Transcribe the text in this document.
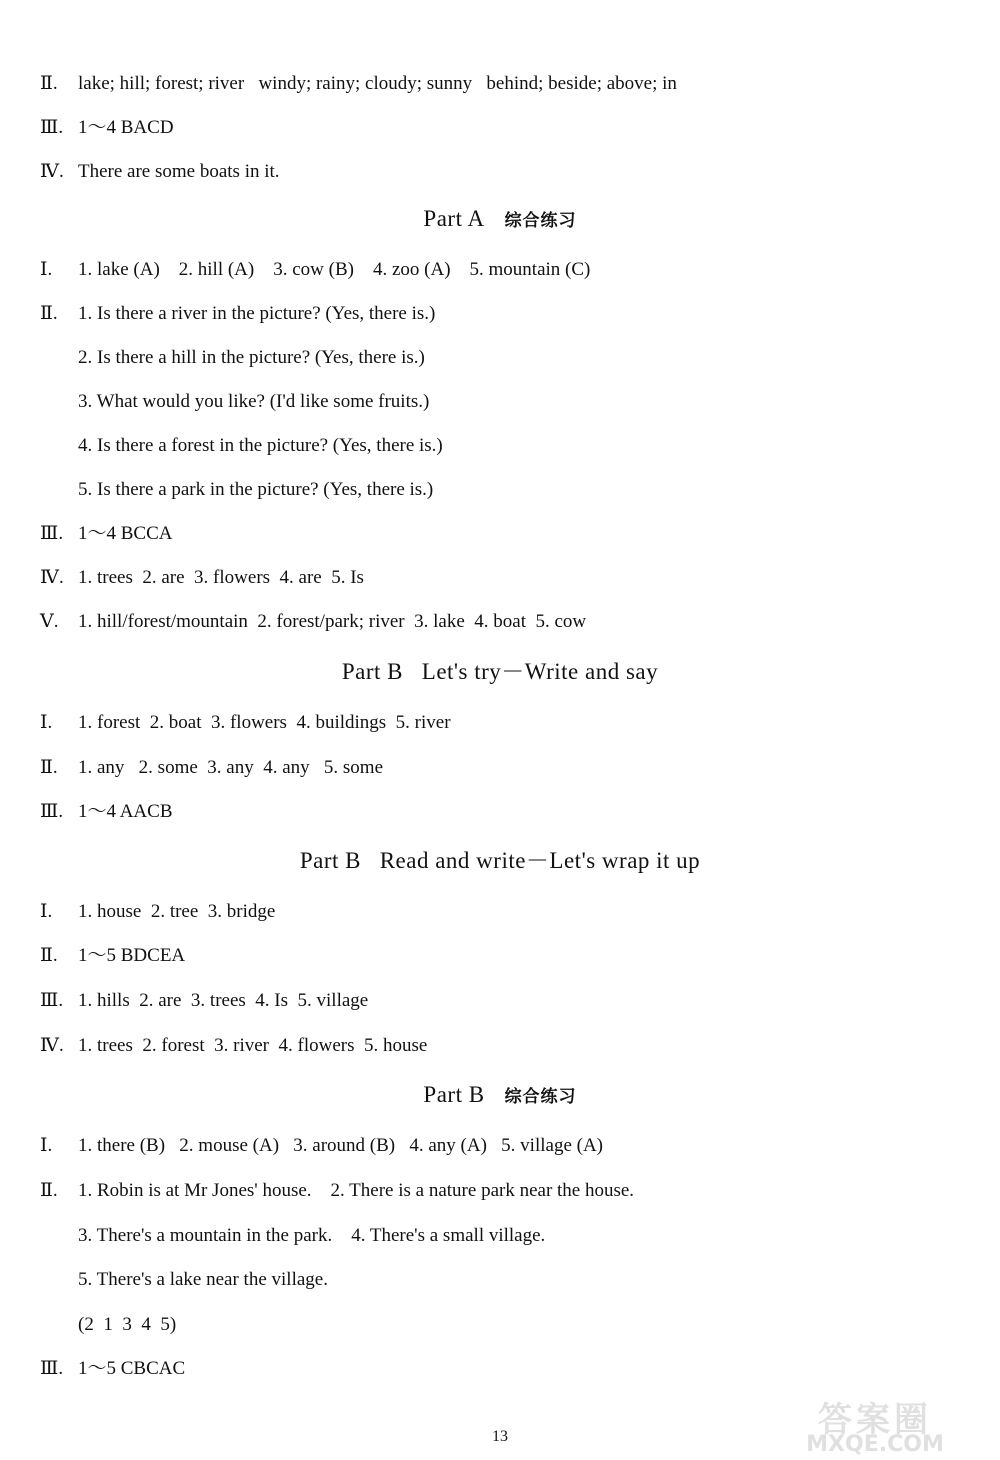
Ⅱ. lake; hill; forest; river   windy; rainy; cloudy; sunny   behind; beside; above; in
Ⅲ. 1～4 BACD
Ⅳ. There are some boats in it.
Part A 综合练习
Ⅰ. 1. lake (A)    2. hill (A)    3. cow (B)    4. zoo (A)    5. mountain (C)
Ⅱ. 1. Is there a river in the picture? (Yes, there is.)
2. Is there a hill in the picture? (Yes, there is.)
3. What would you like? (I'd like some fruits.)
4. Is there a forest in the picture? (Yes, there is.)
5. Is there a park in the picture? (Yes, there is.)
Ⅲ. 1～4 BCCA
Ⅳ. 1. trees  2. are  3. flowers  4. are  5. Is
Ⅴ. 1. hill/forest/mountain  2. forest/park; river  3. lake  4. boat  5. cow
Part B   Let's try－Write and say
Ⅰ. 1. forest  2. boat  3. flowers  4. buildings  5. river
Ⅱ. 1. any   2. some  3. any  4. any   5. some
Ⅲ. 1～4 AACB
Part B   Read and write－Let's wrap it up
Ⅰ. 1. house  2. tree  3. bridge
Ⅱ. 1～5 BDCEA
Ⅲ. 1. hills  2. are  3. trees  4. Is  5. village
Ⅳ. 1. trees  2. forest  3. river  4. flowers  5. house
Part B 综合练习
Ⅰ. 1. there (B)   2. mouse (A)   3. around (B)   4. any (A)   5. village (A)
Ⅱ. 1. Robin is at Mr Jones' house.    2. There is a nature park near the house.
3. There's a mountain in the park.    4. There's a small village.
5. There's a lake near the village.
(2  1  3  4  5)
Ⅲ. 1～5 CBCAC
13	答案圈
MXQE.COM
